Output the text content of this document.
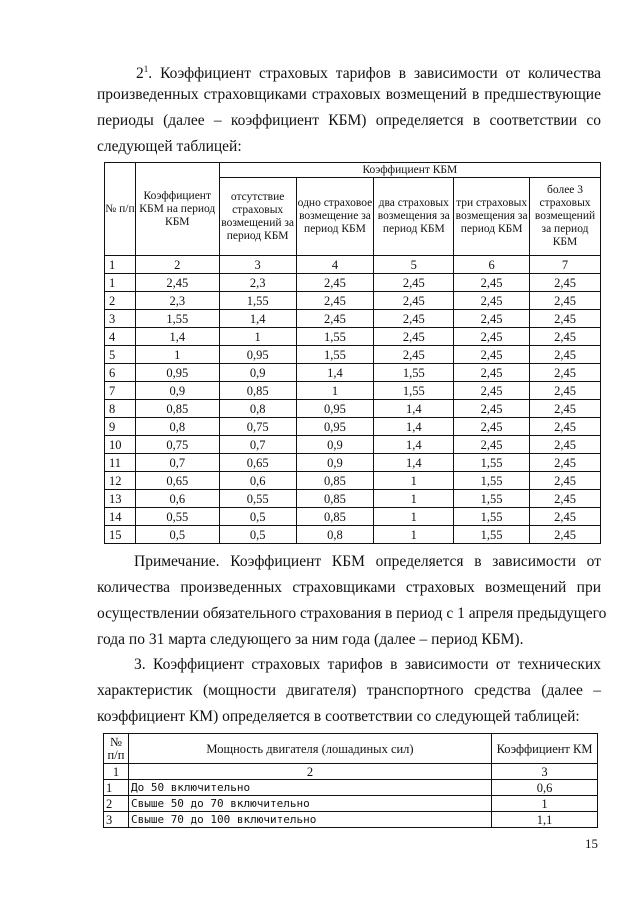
$2^1$. Коэффициент страховых тарифов в зависимости от количества
произведенных страховщиками страховых возмещений в предшествующие
периоды (далее – коэффициент КБМ) определяется в соответствии со
следующей таблицей:
№ п/п	Коэффициент КБМ на период КБМ	Коэффициент КБМ				
		отсутствие страховых возмещений за период КБМ	одно страховое возмещение за период КБМ	два страховых возмещения за период КБМ	три страховых возмещения за период КБМ	более 3 страховых возмещений за период КБМ
1	2	3	4	5	6	7
1	2,45	2,3	2,45	2,45	2,45	2,45
2	2,3	1,55	2,45	2,45	2,45	2,45
3	1,55	1,4	2,45	2,45	2,45	2,45
4	1,4	1	1,55	2,45	2,45	2,45
5	1	0,95	1,55	2,45	2,45	2,45
6	0,95	0,9	1,4	1,55	2,45	2,45
7	0,9	0,85	1	1,55	2,45	2,45
8	0,85	0,8	0,95	1,4	2,45	2,45
9	0,8	0,75	0,95	1,4	2,45	2,45
10	0,75	0,7	0,9	1,4	2,45	2,45
11	0,7	0,65	0,9	1,4	1,55	2,45
12	0,65	0,6	0,85	1	1,55	2,45
13	0,6	0,55	0,85	1	1,55	2,45
14	0,55	0,5	0,85	1	1,55	2,45
15	0,5	0,5	0,8	1	1,55	2,45
Примечание. Коэффициент КБМ определяется в зависимости от
количества произведенных страховщиками страховых возмещений при
осуществлении обязательного страхования в период с 1 апреля предыдущего
года по 31 марта следующего за ним года (далее – период КБМ).
3. Коэффициент страховых тарифов в зависимости от технических
характеристик (мощности двигателя) транспортного средства (далее –
коэффициент КМ) определяется в соответствии со следующей таблицей:
№ п/п	Мощность двигателя (лошадиных сил)	Коэффициент КМ
1	2	3
1	До 50 включительно	0,6
2	Свыше 50 до 70 включительно	1
3	Свыше 70 до 100 включительно	1,1
15
